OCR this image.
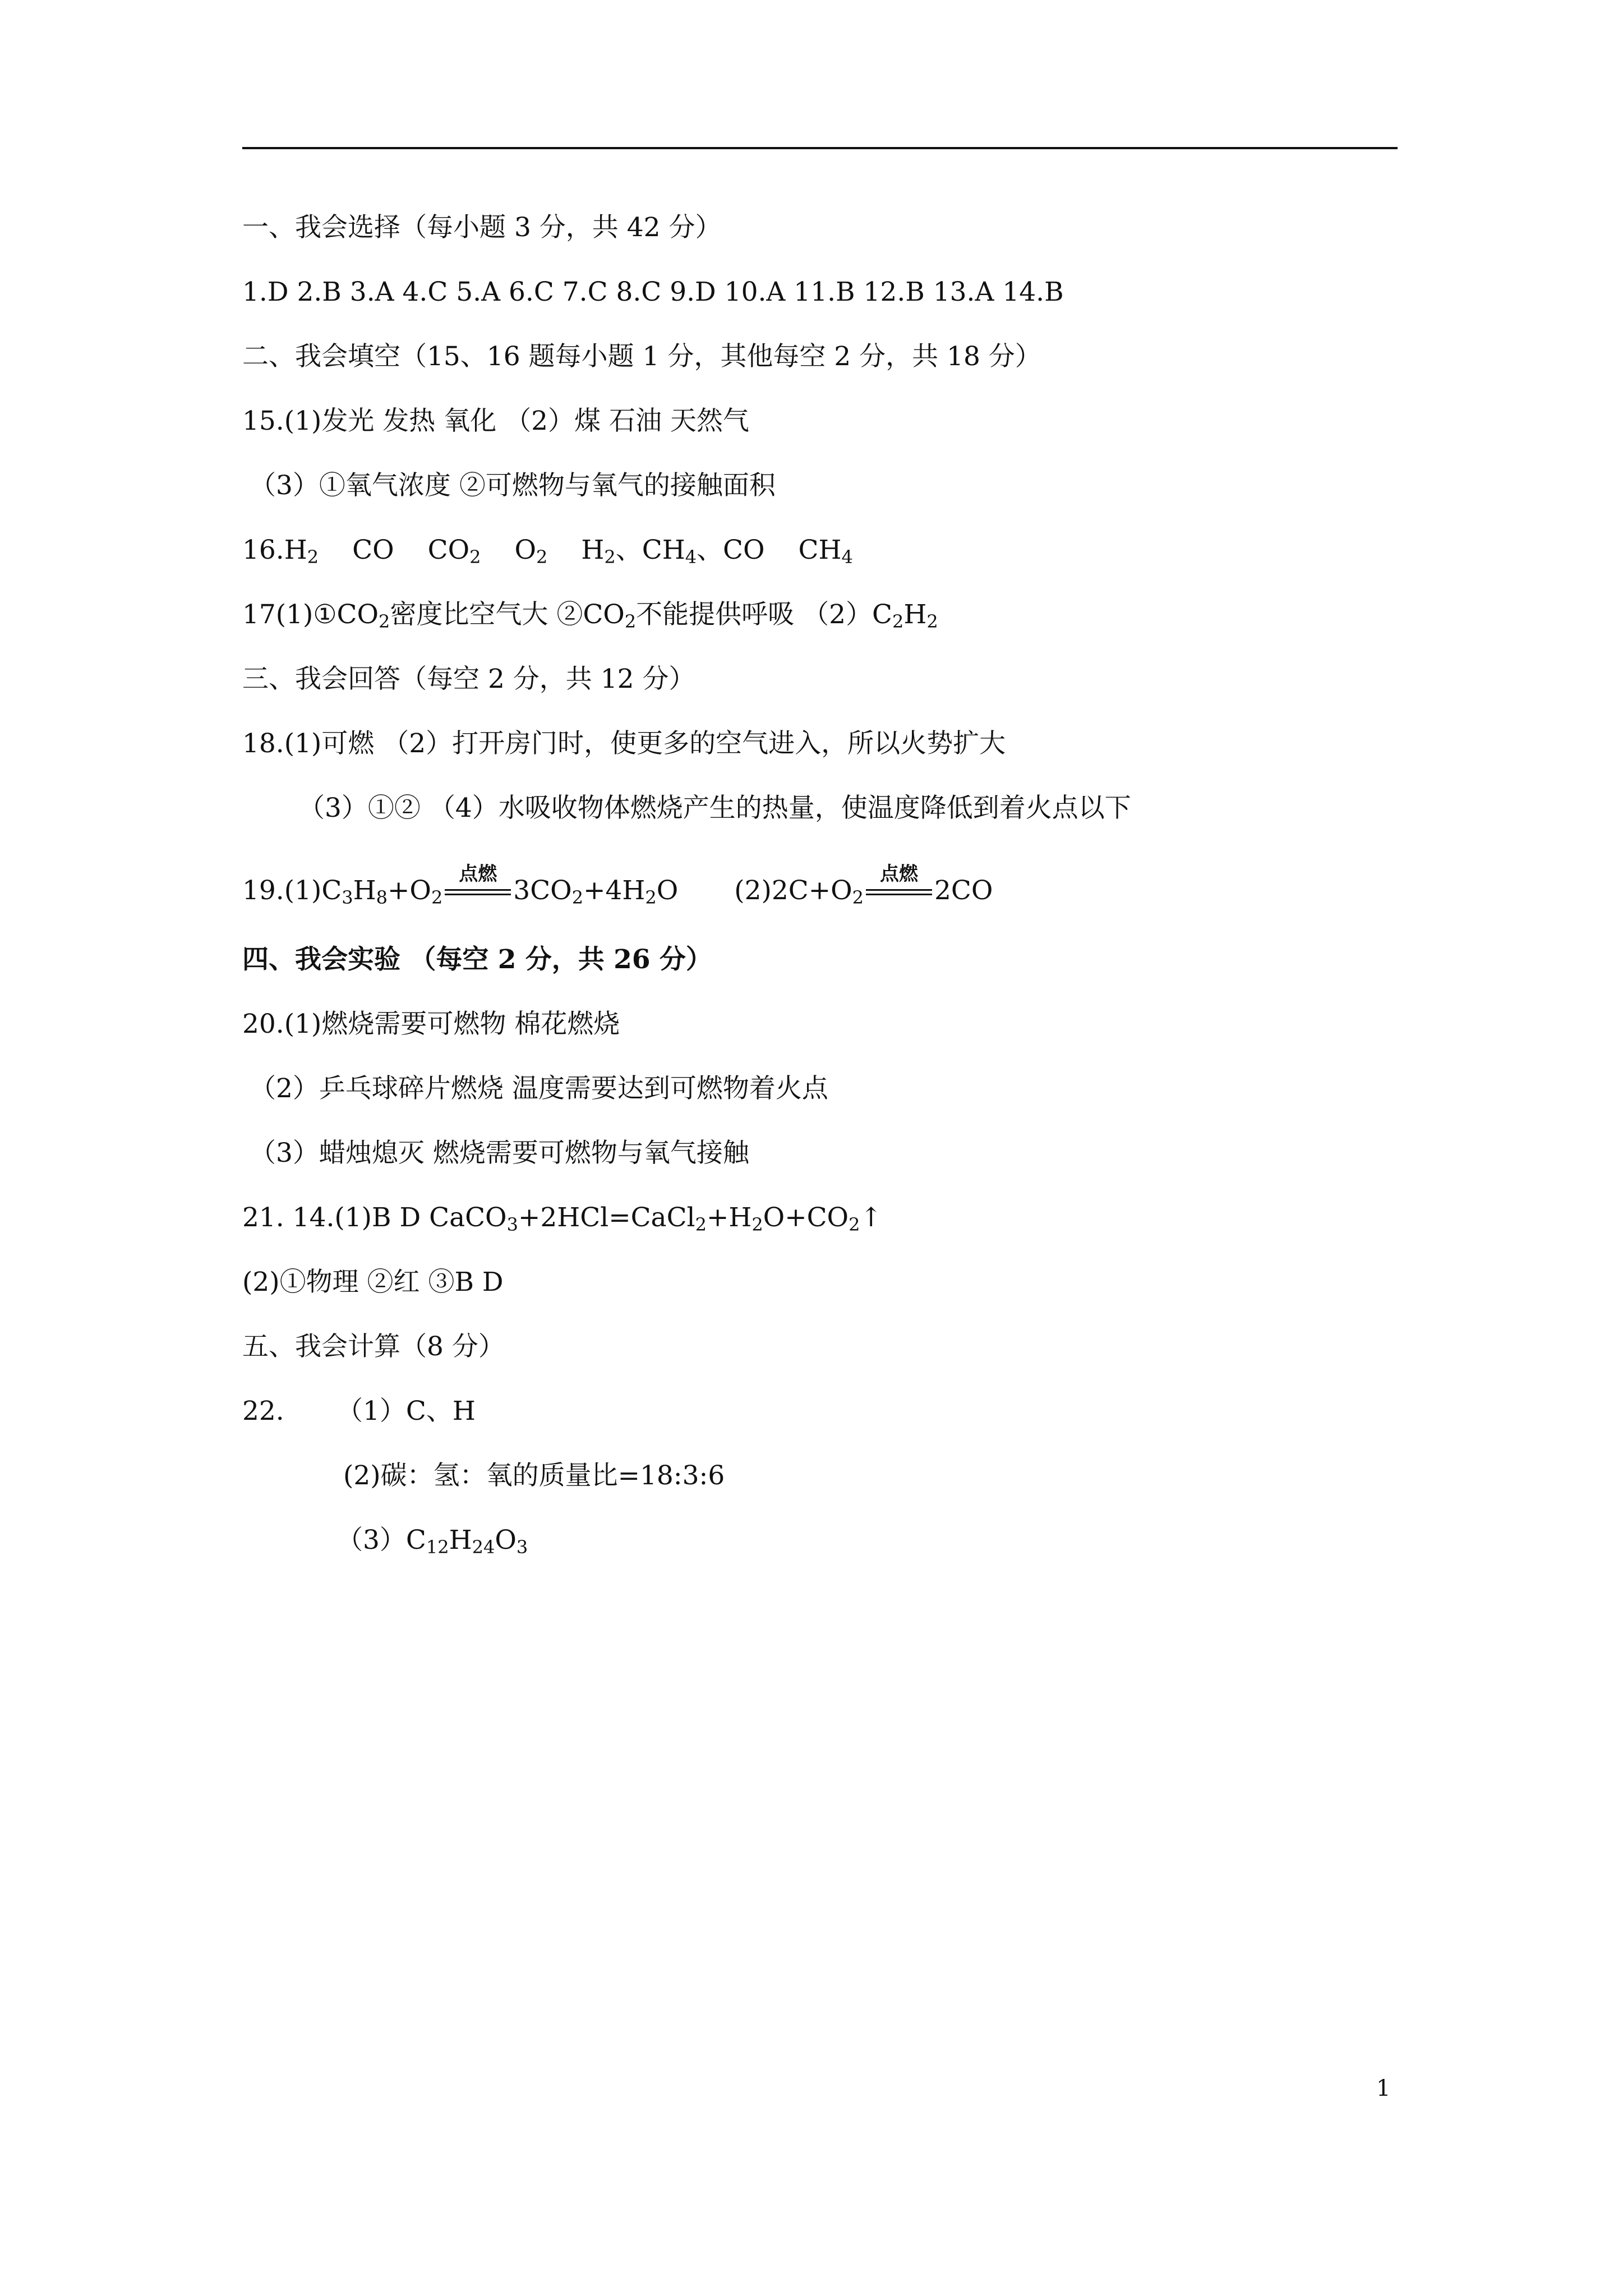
一、我会选择（每小题 3 分，共 42 分）
1.D 2.B 3.A 4.C 5.A 6.C 7.C 8.C 9.D 10.A 11.B 12.B 13.A 14.B
二、我会填空（15、16 题每小题 1 分，其他每空 2 分，共 18 分）
15.(1)发光 发热 氧化 （2）煤 石油 天然气
（3）①氧气浓度 ②可燃物与氧气的接触面积
$16.H_2$ CO $CO_2$ $O_2$ $H_2$、$CH_4$、CO $CH_4$
$17(1)①CO_2$密度比空气大 $②CO_2$不能提供呼吸 $(2)C_2H_2$
三、我会回答（每空 2 分，共 12 分）
18.(1)可燃 （2）打开房门时，使更多的空气进入，所以火势扩大
（3）①② （4）水吸收物体燃烧产生的热量，使温度降低到着火点以下
$19.(1)C_3H_8+O_2$
点燃
$3CO_2+4H_2O$ $(2)2C+O_2$
点燃
2CO
四、我会实验 （每空 2 分，共 26 分）
20.(1)燃烧需要可燃物 棉花燃烧
（2）乒乓球碎片燃烧 温度需要达到可燃物着火点
（3）蜡烛熄灭 燃烧需要可燃物与氧气接触
21. 14.(1)B D $CaCO_3+2HCl=CaCl_2+H_2O+CO_2↑$
(2)①物理 ②红 ③B D
五、我会计算（8 分）
22. （1）C、H
(2)碳：氢：氧的质量比=18:3:6
$(3)C_{12}H_{24}O_3$
1
